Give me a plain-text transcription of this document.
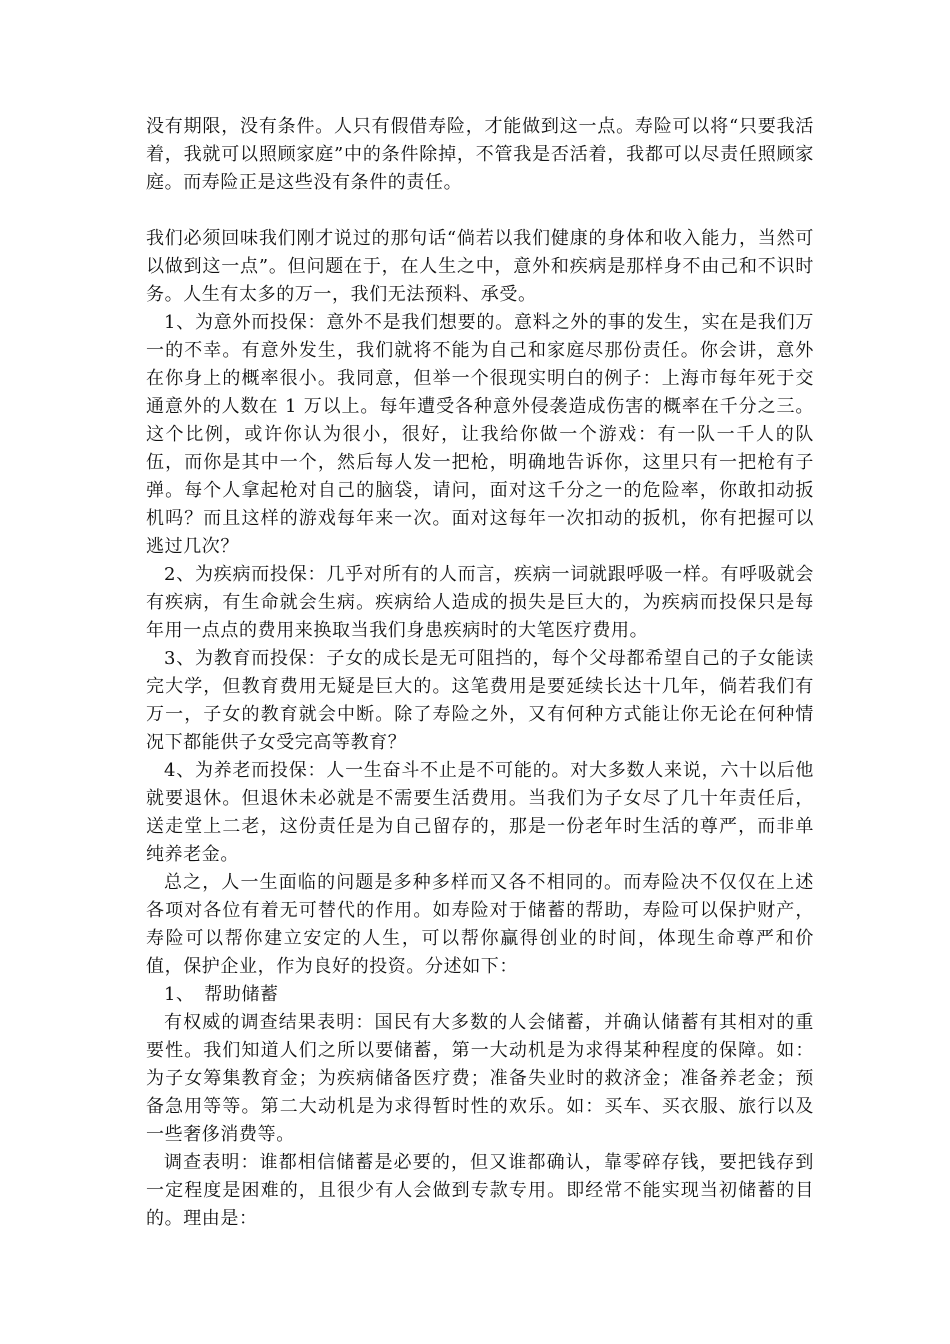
没有期限，没有条件。人只有假借寿险，才能做到这一点。寿险可以将“只要我活着，我就可以照顾家庭”中的条件除掉，不管我是否活着，我都可以尽责任照顾家庭。而寿险正是这些没有条件的责任。

我们必须回味我们刚才说过的那句话“倘若以我们健康的身体和收入能力，当然可以做到这一点”。但问题在于，在人生之中，意外和疾病是那样身不由己和不识时务。人生有太多的万一，我们无法预料、承受。

1、为意外而投保：意外不是我们想要的。意料之外的事的发生，实在是我们万一的不幸。有意外发生，我们就将不能为自己和家庭尽那份责任。你会讲，意外在你身上的概率很小。我同意，但举一个很现实明白的例子：上海市每年死于交通意外的人数在 1 万以上。每年遭受各种意外侵袭造成伤害的概率在千分之三。这个比例，或许你认为很小，很好，让我给你做一个游戏：有一队一千人的队伍，而你是其中一个，然后每人发一把枪，明确地告诉你，这里只有一把枪有子弹。每个人拿起枪对自己的脑袋，请问，面对这千分之一的危险率，你敢扣动扳机吗？而且这样的游戏每年来一次。面对这每年一次扣动的扳机，你有把握可以逃过几次？

2、为疾病而投保：几乎对所有的人而言，疾病一词就跟呼吸一样。有呼吸就会有疾病，有生命就会生病。疾病给人造成的损失是巨大的，为疾病而投保只是每年用一点点的费用来换取当我们身患疾病时的大笔医疗费用。

3、为教育而投保：子女的成长是无可阻挡的，每个父母都希望自己的子女能读完大学，但教育费用无疑是巨大的。这笔费用是要延续长达十几年，倘若我们有万一，子女的教育就会中断。除了寿险之外，又有何种方式能让你无论在何种情况下都能供子女受完高等教育？

4、为养老而投保：人一生奋斗不止是不可能的。对大多数人来说，六十以后他就要退休。但退休未必就是不需要生活费用。当我们为子女尽了几十年责任后，送走堂上二老，这份责任是为自己留存的，那是一份老年时生活的尊严，而非单纯养老金。

总之，人一生面临的问题是多种多样而又各不相同的。而寿险决不仅仅在上述各项对各位有着无可替代的作用。如寿险对于储蓄的帮助，寿险可以保护财产，寿险可以帮你建立安定的人生，可以帮你赢得创业的时间，体现生命尊严和价值，保护企业，作为良好的投资。分述如下：

1、　帮助储蓄

有权威的调查结果表明：国民有大多数的人会储蓄，并确认储蓄有其相对的重要性。我们知道人们之所以要储蓄，第一大动机是为求得某种程度的保障。如：为子女筹集教育金；为疾病储备医疗费；准备失业时的救济金；准备养老金；预备急用等等。第二大动机是为求得暂时性的欢乐。如：买车、买衣服、旅行以及一些奢侈消费等。

调查表明：谁都相信储蓄是必要的，但又谁都确认，靠零碎存钱，要把钱存到一定程度是困难的，且很少有人会做到专款专用。即经常不能实现当初储蓄的目的。理由是：
